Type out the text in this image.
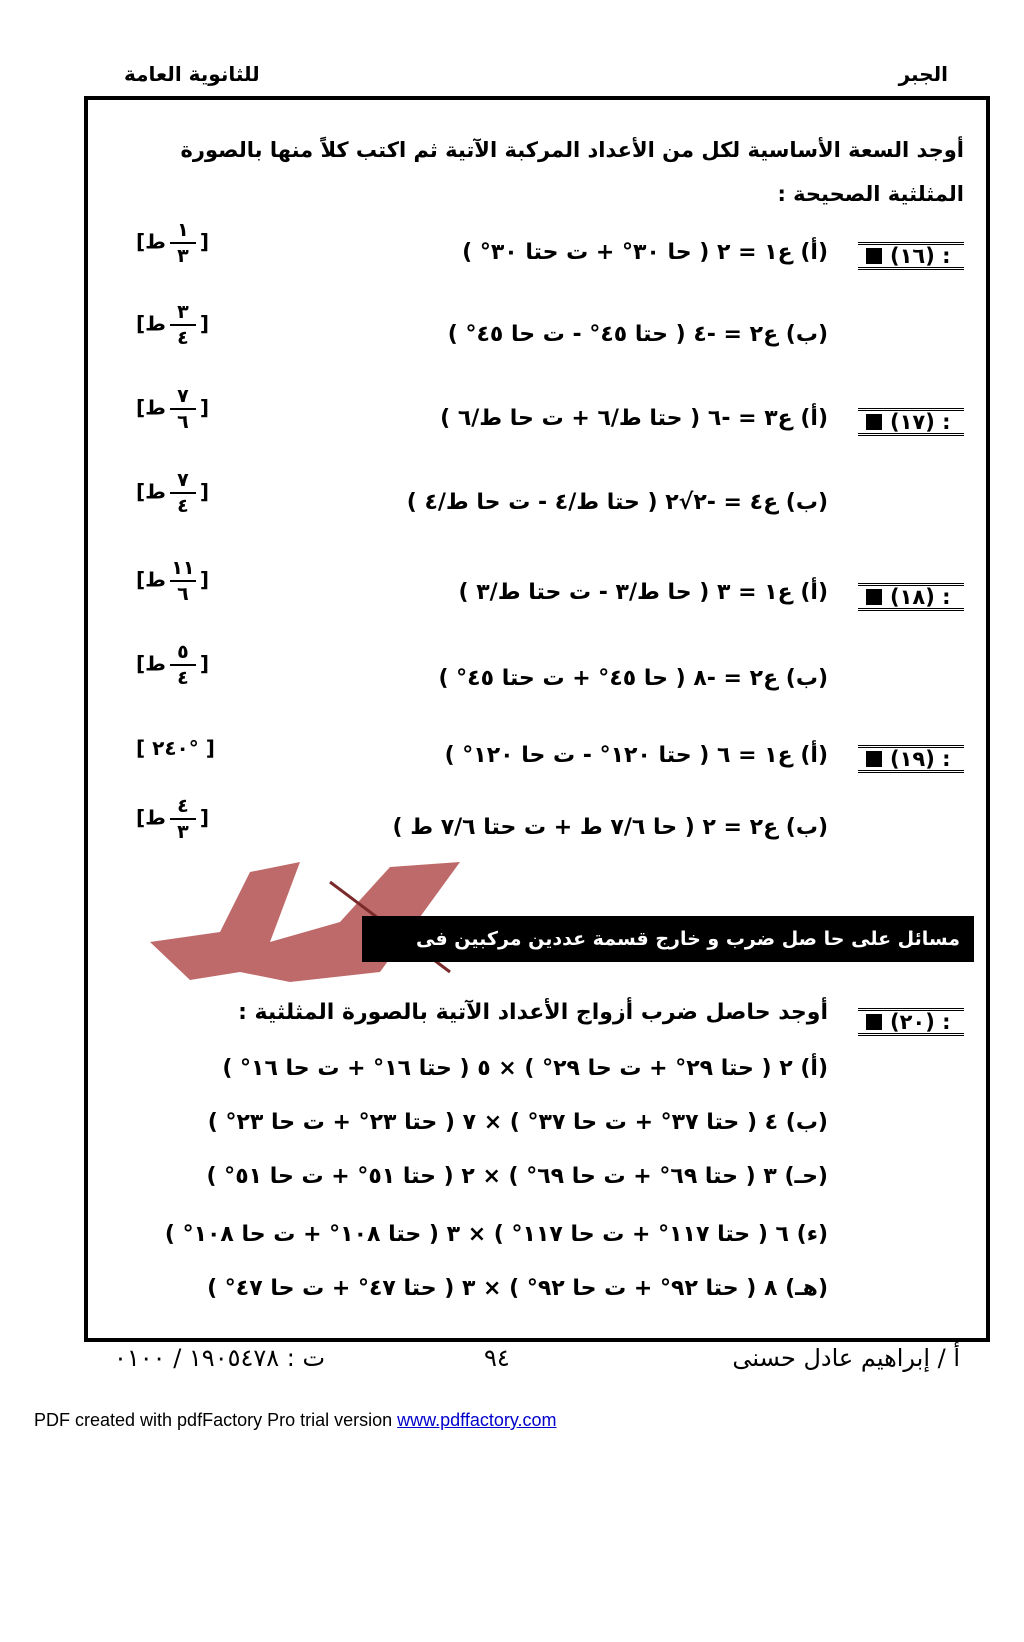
الجبر
للثانوية العامة
أوجد السعة الأساسية لكل من الأعداد المركبة الآتية ثم اكتب كلاً منها بالصورة المثلثية الصحيحة :
(١٦) :
(١٧) :
(١٨) :
(١٩) :
(أ) ع١ = ٢ ( حا ٣٠° + ت حتا ٣٠° )
(ب) ع٢ = -٤ ( حتا ٤٥° - ت حا ٤٥° )
(أ) ع٣ = -٦ ( حتا ط/٦ + ت حا ط/٦ )
(ب) ع٤ = -٢√٢ ( حتا ط/٤ - ت حا ط/٤ )
(أ) ع١ = ٣ ( حا ط/٣ - ت حتا ط/٣ )
(ب) ع٢ = -٨ ( حا ٤٥° + ت حتا ٤٥° )
(أ) ع١ = ٦ ( حتا ١٢٠° - ت حا ١٢٠° )
(ب) ع٢ = ٢ ( حا ٧/٦ ط + ت حتا ٧/٦ ط )
[ط $\frac{١}{٣}$ ]
[ط $\frac{٣}{٤}$ ]
[ط $\frac{٧}{٦}$ ]
[ط $\frac{٧}{٤}$ ]
[ط $\frac{١١}{٦}$ ]
[ط $\frac{٥}{٤}$ ]
[ ٢٤٠° ]
[ط $\frac{٤}{٣}$ ]
مسائل على حا صل ضرب و خارج قسمة عددين مركبين فى الصورة المثلثية :
(٢٠) :
أوجد حاصل ضرب أزواج الأعداد الآتية بالصورة المثلثية :
(أ) ٢ ( حتا ٢٩° + ت حا ٢٩° ) × ٥ ( حتا ١٦° + ت حا ١٦° )
(ب) ٤ ( حتا ٣٧° + ت حا ٣٧° ) × ٧ ( حتا ٢٣° + ت حا ٢٣° )
(حـ) ٣ ( حتا ٦٩° + ت حا ٦٩° ) × ٢ ( حتا ٥١° + ت حا ٥١° )
(ء) ٦ ( حتا ١١٧° + ت حا ١١٧° ) × ٣ ( حتا ١٠٨° + ت حا ١٠٨° )
(هـ) ٨ ( حتا ٩٢° + ت حا ٩٢° ) × ٣ ( حتا ٤٧° + ت حا ٤٧° )
أ / إبراهيم عادل حسنى
٩٤
ت : ١٩٠٥٤٧٨ / ٠١٠٠
PDF created with pdfFactory Pro trial version www.pdffactory.com
